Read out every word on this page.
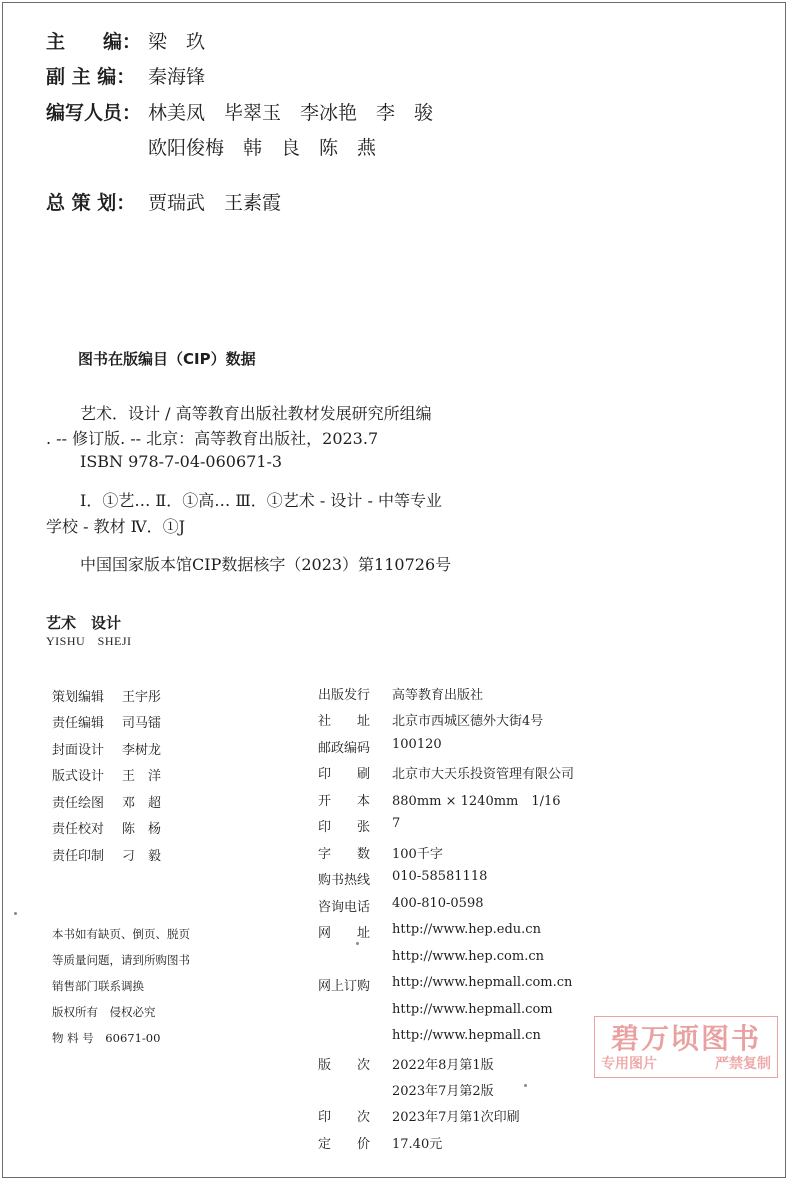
主　　编： 梁　玖
副 主 编： 秦海锋
编写人员： 林美凤　毕翠玉　李冰艳　李　骏
欧阳俊梅　韩　良　陈　燕
总 策 划： 贾瑞武　王素霞
图书在版编目（CIP）数据
艺术．设计 / 高等教育出版社教材发展研究所组编
. -- 修订版. -- 北京：高等教育出版社，2023.7
ISBN 978-7-04-060671-3
Ⅰ．①艺… Ⅱ．①高… Ⅲ．①艺术 - 设计 - 中等专业
学校 - 教材 Ⅳ．①J
中国国家版本馆CIP数据核字（2023）第110726号
艺术　设计
YISHU　SHEJI
策划编辑 王宇彤
责任编辑 司马镭
封面设计 李树龙
版式设计 王　洋
责任绘图 邓　超
责任校对 陈　杨
责任印制 刁　毅
本书如有缺页、倒页、脱页
等质量问题，请到所购图书
销售部门联系调换
版权所有　侵权必究
物 料 号　60671-00
出版发行 高等教育出版社
社　　址 北京市西城区德外大街4号
邮政编码 100120
印　　刷 北京市大天乐投资管理有限公司
开　　本 880mm × 1240mm　1/16
印　　张 7
字　　数 100千字
购书热线 010-58581118
咨询电话 400-810-0598
网　　址 http://www.hep.edu.cn
http://www.hep.com.cn
网上订购 http://www.hepmall.com.cn
http://www.hepmall.com
http://www.hepmall.cn
版　　次 2022年8月第1版
2023年7月第2版
印　　次 2023年7月第1次印刷
定　　价 17.40元
碧万顷图书
专用图片	严禁复制
